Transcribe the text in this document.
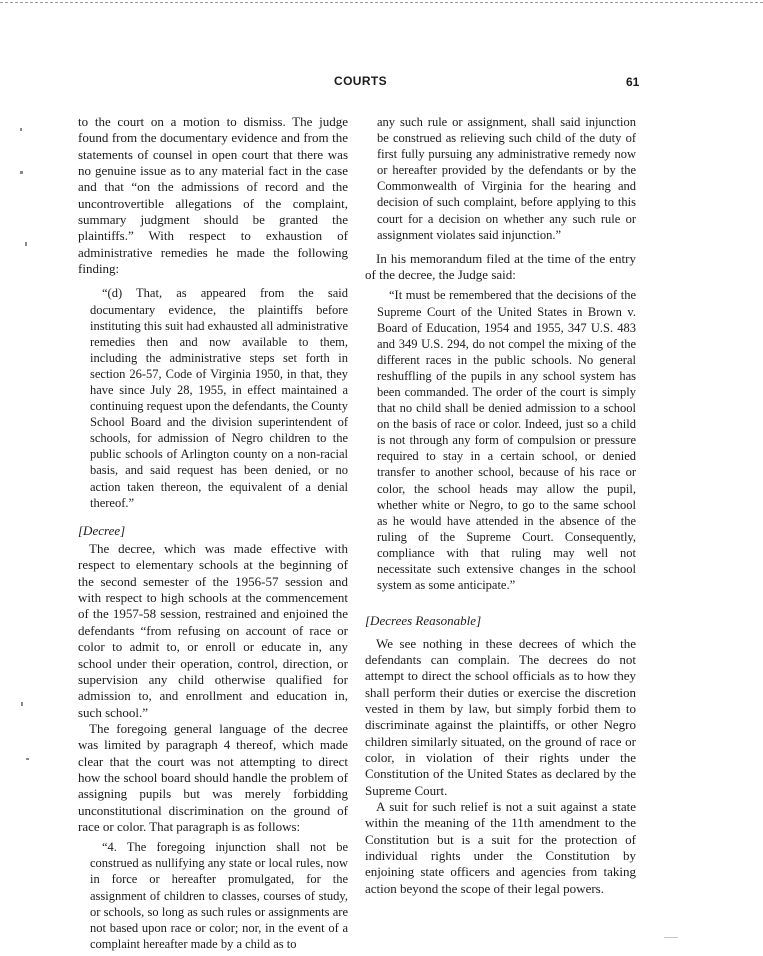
COURTS	61

to the court on a motion to dismiss. The judge found from the documentary evidence and from the statements of counsel in open court that there was no genuine issue as to any material fact in the case and that “on the admissions of record and the uncontrovertible allegations of the complaint, summary judgment should be granted the plaintiffs.” With respect to exhaustion of administrative remedies he made the following finding:

“(d) That, as appeared from the said documentary evidence, the plaintiffs before instituting this suit had exhausted all administrative remedies then and now available to them, including the administrative steps set forth in section 26-57, Code of Virginia 1950, in that, they have since July 28, 1955, in effect maintained a continuing request upon the defendants, the County School Board and the division superintendent of schools, for admission of Negro children to the public schools of Arlington county on a non-racial basis, and said request has been denied, or no action taken thereon, the equivalent of a denial thereof.”

[Decree]

The decree, which was made effective with respect to elementary schools at the beginning of the second semester of the 1956-57 session and with respect to high schools at the commencement of the 1957-58 session, restrained and enjoined the defendants “from refusing on account of race or color to admit to, or enroll or educate in, any school under their operation, control, direction, or supervision any child otherwise qualified for admission to, and enrollment and education in, such school.”

The foregoing general language of the decree was limited by paragraph 4 thereof, which made clear that the court was not attempting to direct how the school board should handle the problem of assigning pupils but was merely forbidding unconstitutional discrimination on the ground of race or color. That paragraph is as follows:

“4. The foregoing injunction shall not be construed as nullifying any state or local rules, now in force or hereafter promulgated, for the assignment of children to classes, courses of study, or schools, so long as such rules or assignments are not based upon race or color; nor, in the event of a complaint hereafter made by a child as to

any such rule or assignment, shall said injunction be construed as relieving such child of the duty of first fully pursuing any administrative remedy now or hereafter provided by the defendants or by the Commonwealth of Virginia for the hearing and decision of such complaint, before applying to this court for a decision on whether any such rule or assignment violates said injunction.”

In his memorandum filed at the time of the entry of the decree, the Judge said:

“It must be remembered that the decisions of the Supreme Court of the United States in Brown v. Board of Education, 1954 and 1955, 347 U.S. 483 and 349 U.S. 294, do not compel the mixing of the different races in the public schools. No general reshuffling of the pupils in any school system has been commanded. The order of the court is simply that no child shall be denied admission to a school on the basis of race or color. Indeed, just so a child is not through any form of compulsion or pressure required to stay in a certain school, or denied transfer to another school, because of his race or color, the school heads may allow the pupil, whether white or Negro, to go to the same school as he would have attended in the absence of the ruling of the Supreme Court. Consequently, compliance with that ruling may well not necessitate such extensive changes in the school system as some anticipate.”

[Decrees Reasonable]

We see nothing in these decrees of which the defendants can complain. The decrees do not attempt to direct the school officials as to how they shall perform their duties or exercise the discretion vested in them by law, but simply forbid them to discriminate against the plaintiffs, or other Negro children similarly situated, on the ground of race or color, in violation of their rights under the Constitution of the United States as declared by the Supreme Court.

A suit for such relief is not a suit against a state within the meaning of the 11th amendment to the Constitution but is a suit for the protection of individual rights under the Constitution by enjoining state officers and agencies from taking action beyond the scope of their legal powers.
